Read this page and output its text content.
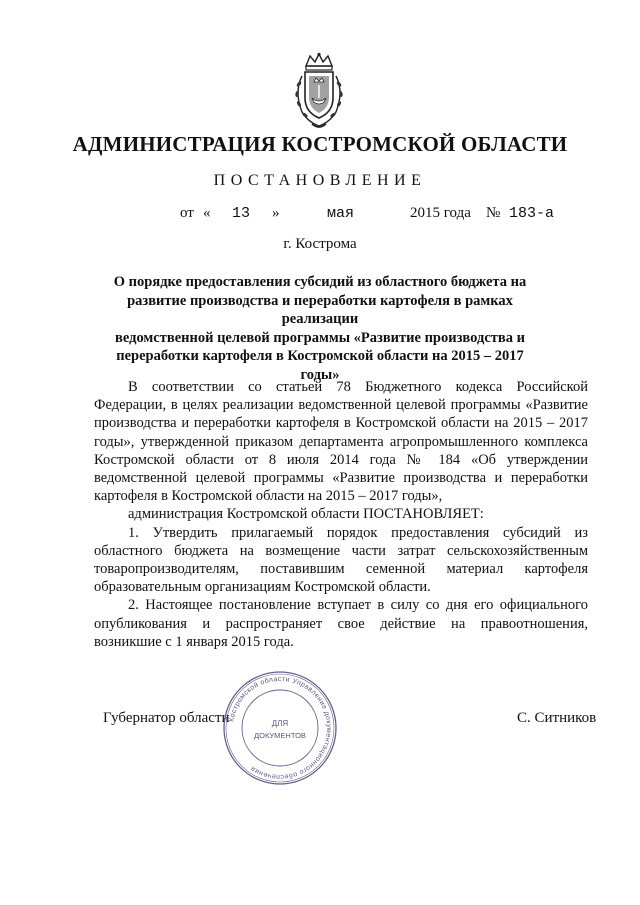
АДМИНИСТРАЦИЯ КОСТРОМСКОЙ ОБЛАСТИ
ПОСТАНОВЛЕНИЕ
от « 13 »	мая	2015 года № 183-а
г. Кострома
О порядке предоставления субсидий из областного бюджета на
развитие производства и переработки картофеля в рамках реализации
ведомственной целевой программы «Развитие производства и
переработки картофеля в Костромской области на 2015 – 2017 годы»

В соответствии со статьей 78 Бюджетного кодекса Российской Федерации, в целях реализации ведомственной целевой программы «Развитие производства и переработки картофеля в Костромской области на 2015 – 2017 годы», утвержденной приказом департамента агропромышленного комплекса Костромской области от 8 июля 2014 года № 184 «Об утверждении ведомственной целевой программы «Развитие производства и переработки картофеля в Костромской области на 2015 – 2017 годы»,

администрация Костромской области ПОСТАНОВЛЯЕТ:

1. Утвердить прилагаемый порядок предоставления субсидий из областного бюджета на возмещение части затрат сельскохозяйственным товаропроизводителям, поставившим семенной материал картофеля образовательным организациям Костромской области.

2. Настоящее постановление вступает в силу со дня его официального опубликования и распространяет свое действие на правоотношения, возникшие с 1 января 2015 года.

Губернатор области	С. Ситников
Костромской области Управление документационного обеспечения
ДЛЯ
ДОКУМЕНТОВ
